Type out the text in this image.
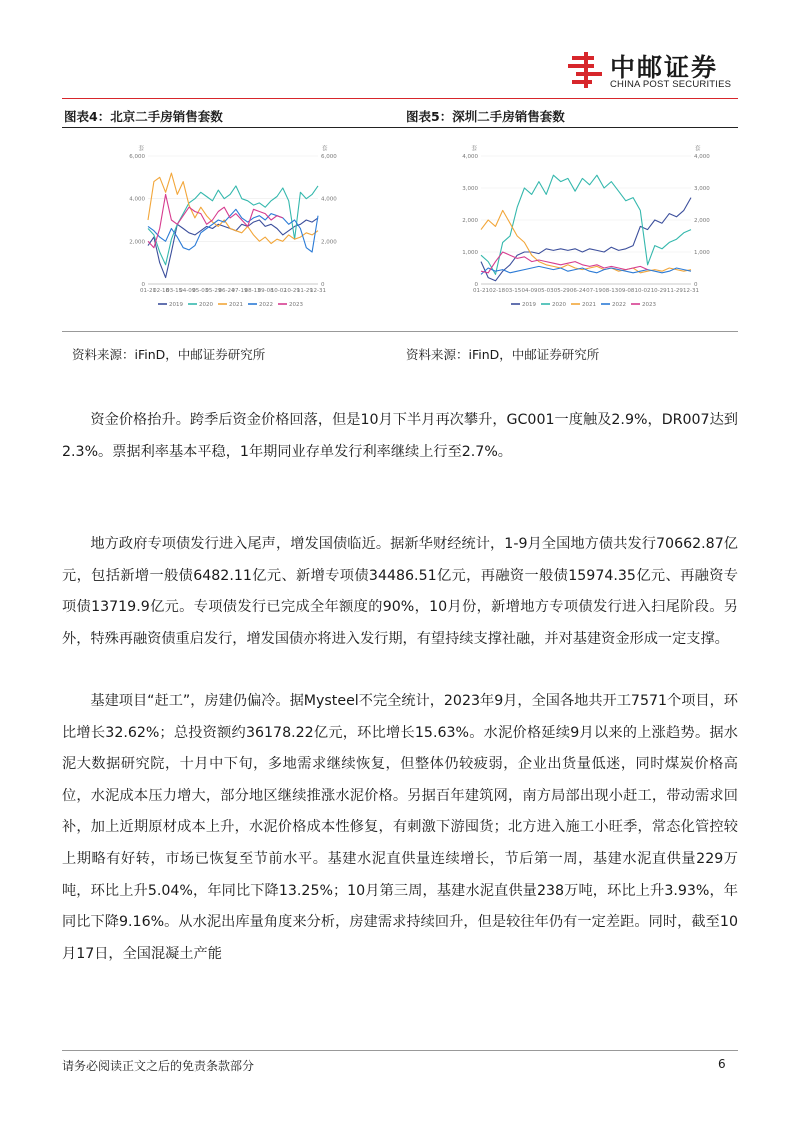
中邮证券
CHINA POST SECURITIES
图表4：北京二手房销售套数	图表5：深圳二手房销售套数
套	套
0
2,000
4,000
6,000
0
2,000
4,000
6,000
01-21
02-18
03-15
04-09
05-03
05-29
06-24
07-19
08-13
09-08
10-02
10-29
11-29
12-31
2019	2020	2021	2022	2023
套	套
0
1,000
2,000
3,000
4,000
0
1,000
2,000
3,000
4,000
01-21 02-18 03-15 04-09 05-03 05-29 06-24 07-19 08-13 09-08 10-02 10-29 11-29 12-31
2019	2020	2021	2022	2023
资料来源：iFinD，中邮证券研究所	资料来源：iFinD，中邮证券研究所

资金价格抬升。跨季后资金价格回落，但是10月下半月再次攀升，GC001一度触及2.9%，DR007达到2.3%。票据利率基本平稳，1年期同业存单发行利率继续上行至2.7%。

地方政府专项债发行进入尾声，增发国债临近。据新华财经统计，1-9月全国地方债共发行70662.87亿元，包括新增一般债6482.11亿元、新增专项债34486.51亿元，再融资一般债15974.35亿元、再融资专项债13719.9亿元。专项债发行已完成全年额度的90%，10月份，新增地方专项债发行进入扫尾阶段。另外，特殊再融资债重启发行，增发国债亦将进入发行期，有望持续支撑社融，并对基建资金形成一定支撑。

基建项目“赶工”，房建仍偏冷。据Mysteel不完全统计，2023年9月，全国各地共开工7571个项目，环比增长32.62%；总投资额约36178.22亿元，环比增长15.63%。水泥价格延续9月以来的上涨趋势。据水泥大数据研究院，十月中下旬，多地需求继续恢复，但整体仍较疲弱，企业出货量低迷，同时煤炭价格高位，水泥成本压力增大，部分地区继续推涨水泥价格。另据百年建筑网，南方局部出现小赶工，带动需求回补，加上近期原材成本上升，水泥价格成本性修复，有刺激下游囤货；北方进入施工小旺季，常态化管控较上期略有好转，市场已恢复至节前水平。基建水泥直供量连续增长，节后第一周，基建水泥直供量229万吨，环比上升5.04%，年同比下降13.25%；10月第三周，基建水泥直供量238万吨，环比上升3.93%，年同比下降9.16%。从水泥出库量角度来分析，房建需求持续回升，但是较往年仍有一定差距。同时，截至10月17日，全国混凝土产能

请务必阅读正文之后的免责条款部分	6
